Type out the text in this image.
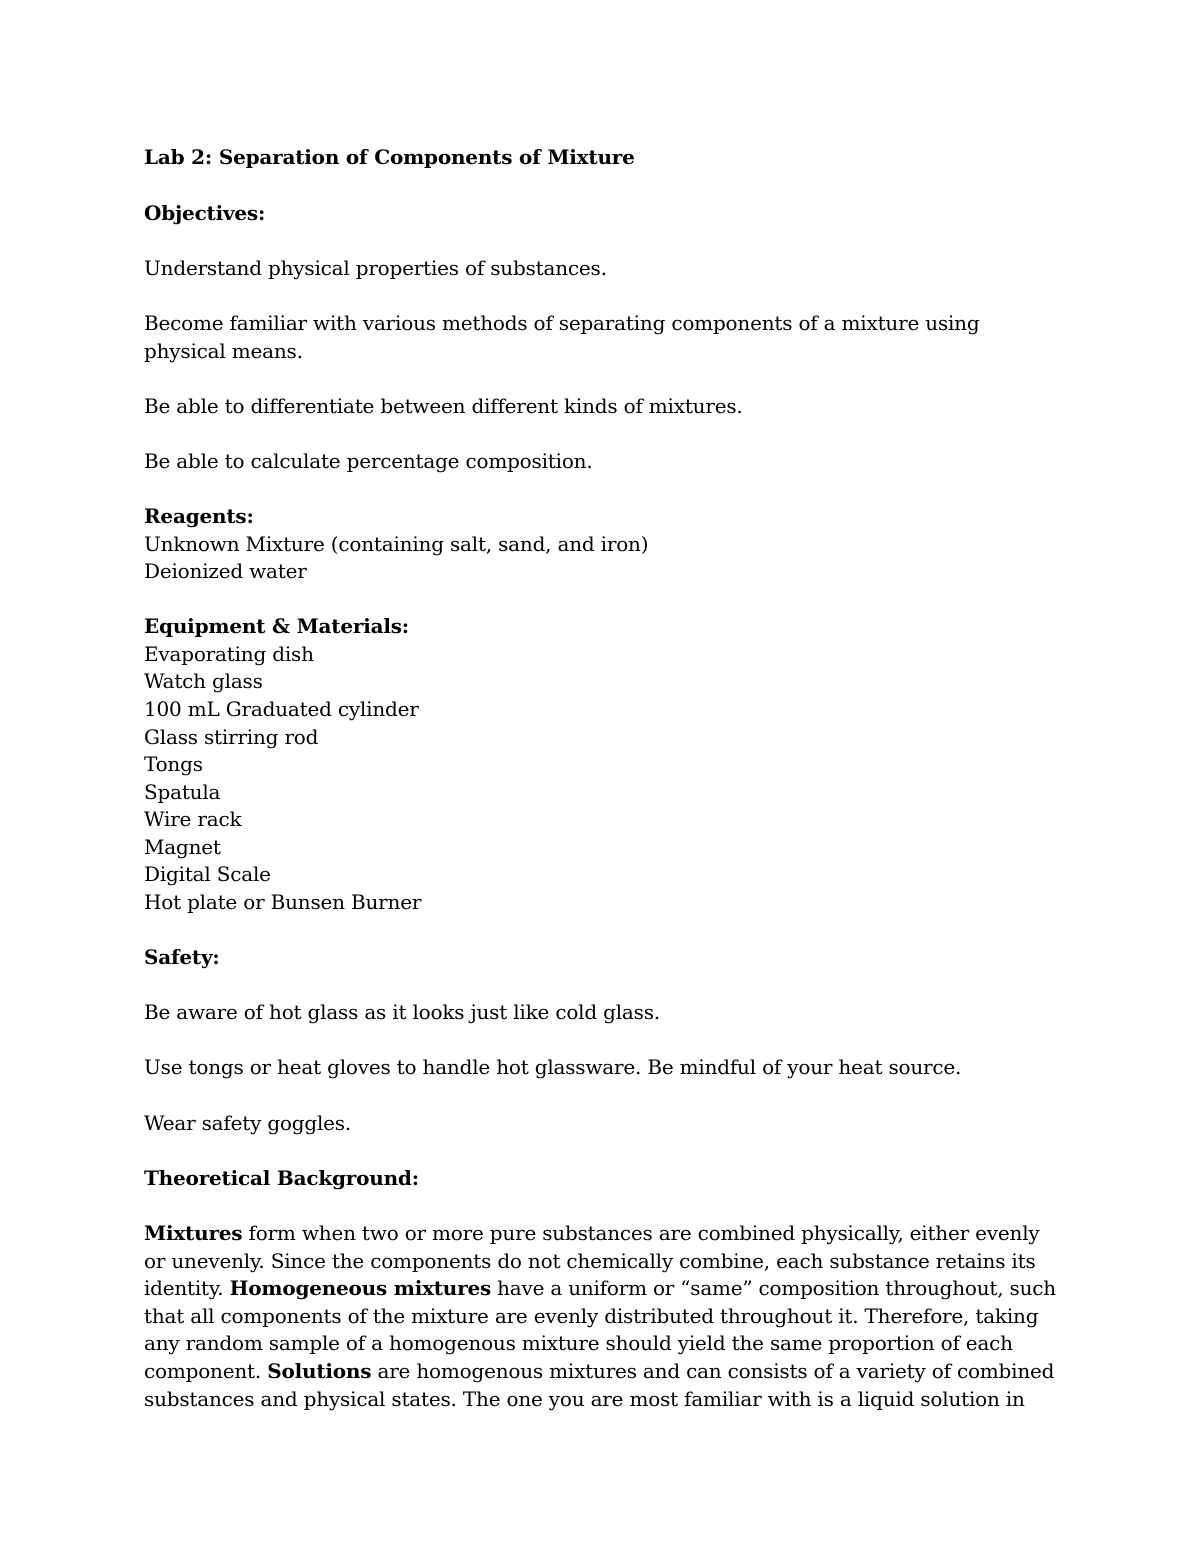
Lab 2: Separation of Components of Mixture

Objectives:

Understand physical properties of substances.

Become familiar with various methods of separating components of a mixture using

physical means.

Be able to differentiate between different kinds of mixtures.

Be able to calculate percentage composition.

Reagents:

Unknown Mixture (containing salt, sand, and iron)

Deionized water

Equipment & Materials:

Evaporating dish

Watch glass

100 mL Graduated cylinder

Glass stirring rod

Tongs

Spatula

Wire rack

Magnet

Digital Scale

Hot plate or Bunsen Burner

Safety:

Be aware of hot glass as it looks just like cold glass.

Use tongs or heat gloves to handle hot glassware. Be mindful of your heat source.

Wear safety goggles.

Theoretical Background:

Mixtures form when two or more pure substances are combined physically, either evenly

or unevenly. Since the components do not chemically combine, each substance retains its

identity. Homogeneous mixtures have a uniform or “same” composition throughout, such

that all components of the mixture are evenly distributed throughout it. Therefore, taking

any random sample of a homogenous mixture should yield the same proportion of each

component. Solutions are homogenous mixtures and can consists of a variety of combined

substances and physical states. The one you are most familiar with is a liquid solution in
